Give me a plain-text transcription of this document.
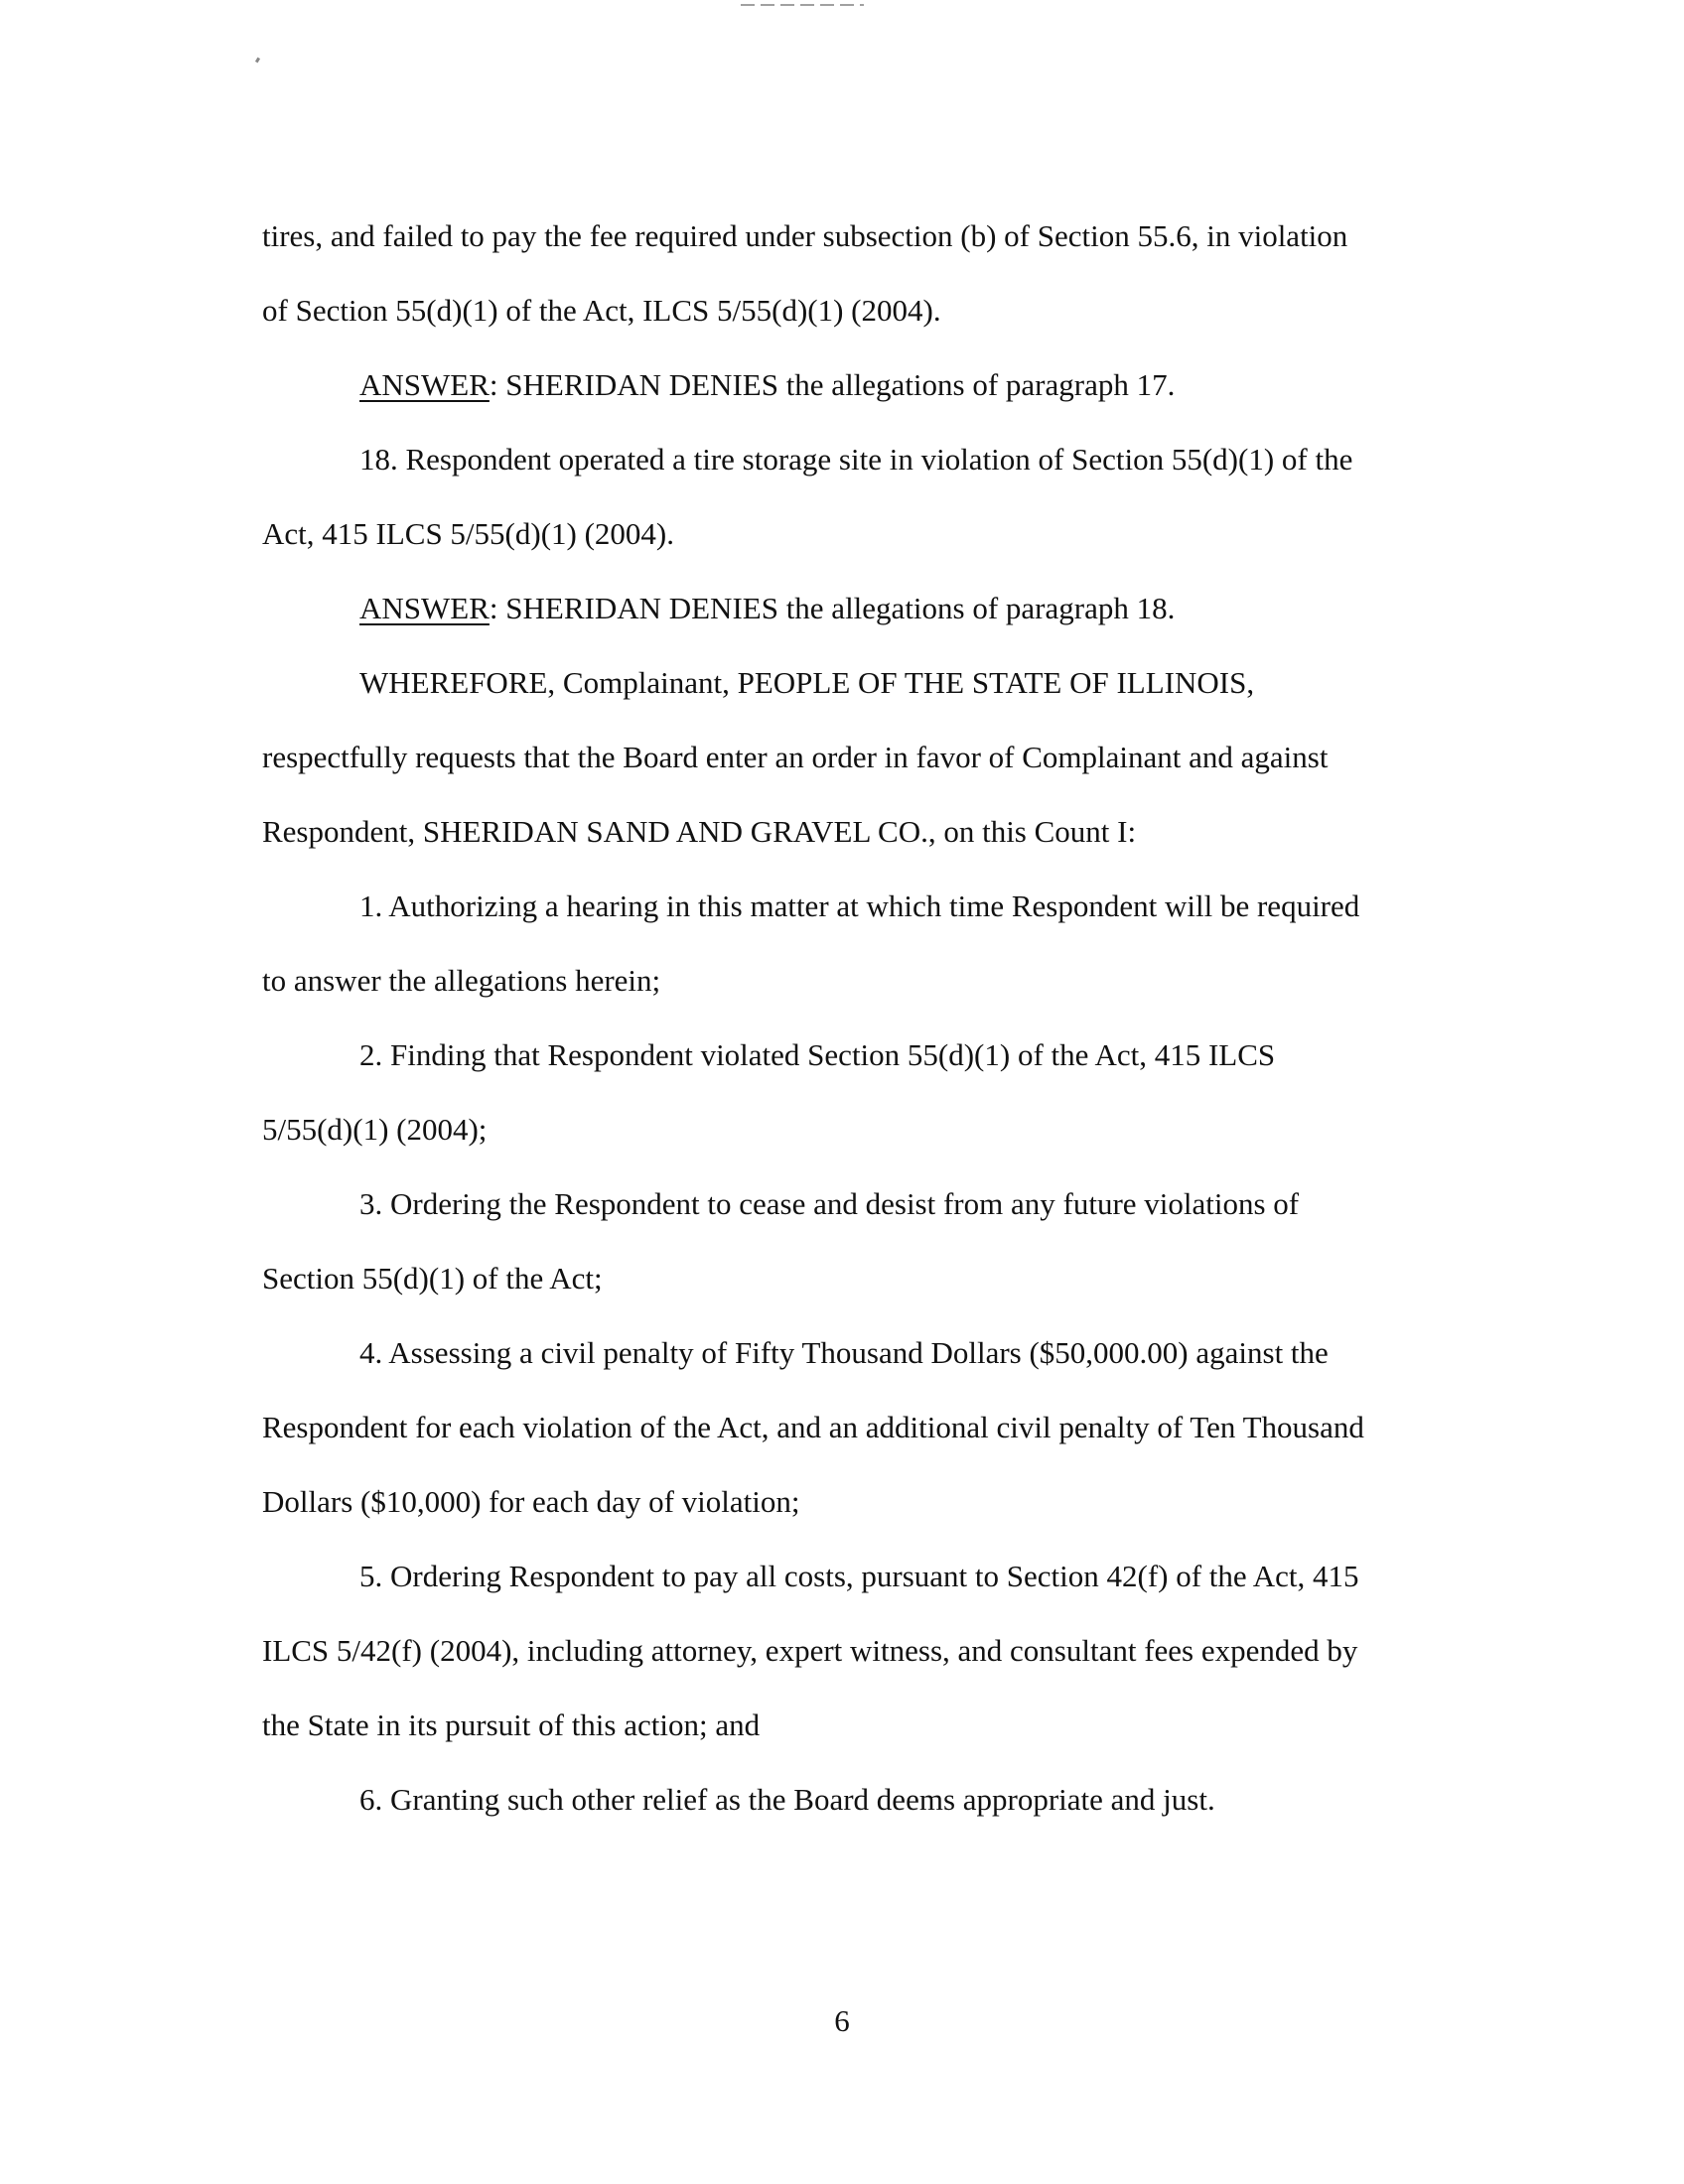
tires, and failed to pay the fee required under subsection (b) of Section 55.6, in violation
of Section 55(d)(1) of the Act, ILCS 5/55(d)(1) (2004).
ANSWER: SHERIDAN DENIES the allegations of paragraph 17.
18. Respondent operated a tire storage site in violation of Section 55(d)(1) of the
Act, 415 ILCS 5/55(d)(1) (2004).
ANSWER: SHERIDAN DENIES the allegations of paragraph 18.
WHEREFORE, Complainant, PEOPLE OF THE STATE OF ILLINOIS,
respectfully requests that the Board enter an order in favor of Complainant and against
Respondent, SHERIDAN SAND AND GRAVEL CO., on this Count I:
1. Authorizing a hearing in this matter at which time Respondent will be required
to answer the allegations herein;
2. Finding that Respondent violated Section 55(d)(1) of the Act, 415 ILCS
5/55(d)(1) (2004);
3. Ordering the Respondent to cease and desist from any future violations of
Section 55(d)(1) of the Act;
4. Assessing a civil penalty of Fifty Thousand Dollars ($50,000.00) against the
Respondent for each violation of the Act, and an additional civil penalty of Ten Thousand
Dollars ($10,000) for each day of violation;
5. Ordering Respondent to pay all costs, pursuant to Section 42(f) of the Act, 415
ILCS 5/42(f) (2004), including attorney, expert witness, and consultant fees expended by
the State in its pursuit of this action; and
6. Granting such other relief as the Board deems appropriate and just.
6
